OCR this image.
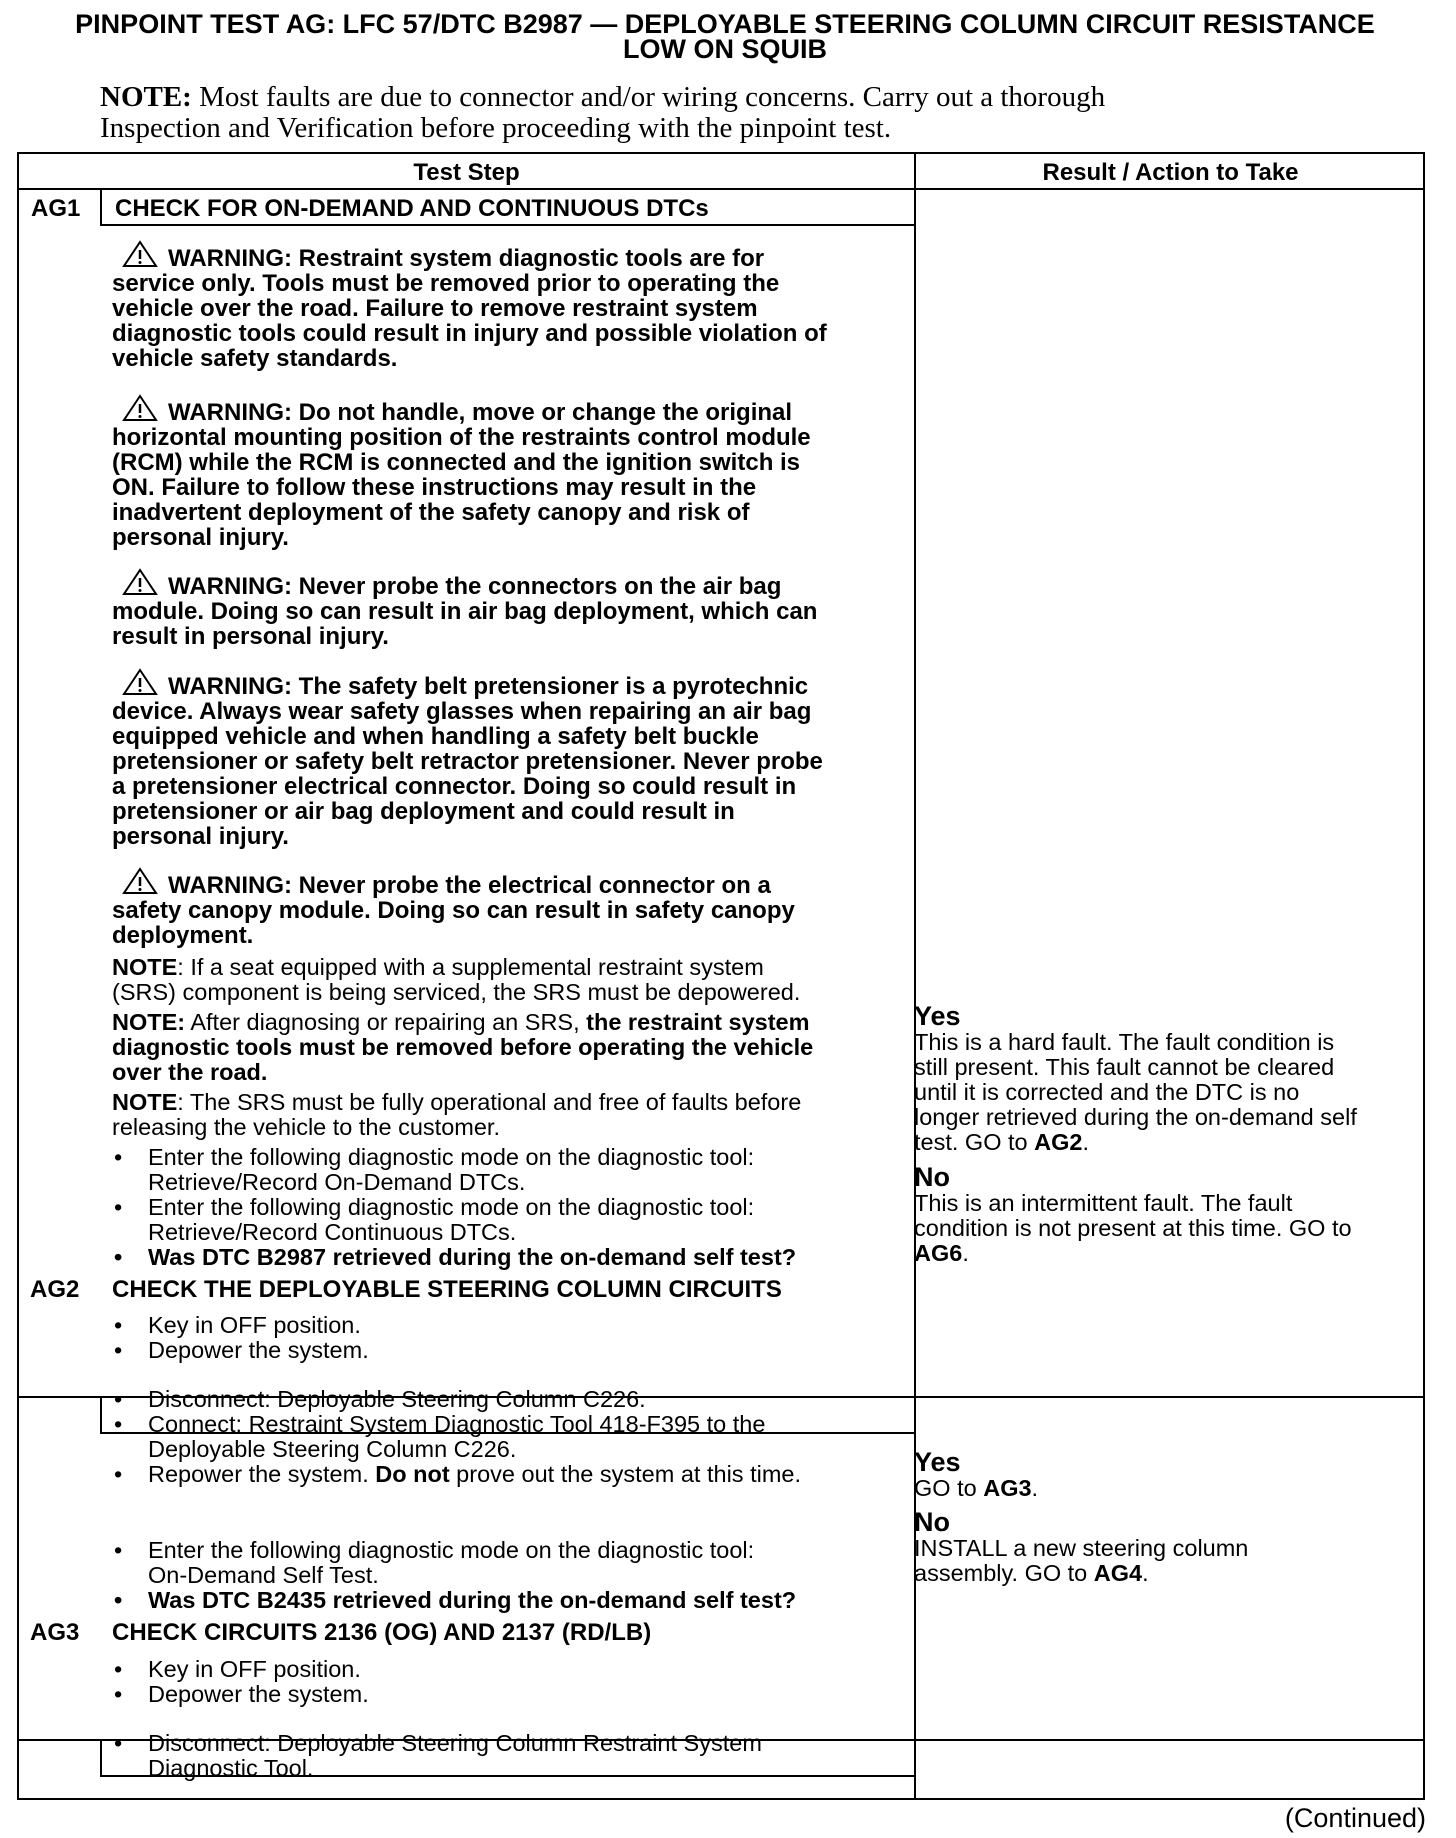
PINPOINT TEST AG: LFC 57/DTC B2987 — DEPLOYABLE STEERING COLUMN CIRCUIT RESISTANCE
LOW ON SQUIB
NOTE: Most faults are due to connector and/or wiring concerns. Carry out a thorough
Inspection and Verification before proceeding with the pinpoint test.
Test Step	Result / Action to Take
AG1 CHECK FOR ON-DEMAND AND CONTINUOUS DTCs
WARNING: Restraint system diagnostic tools are for
service only. Tools must be removed prior to operating the
vehicle over the road. Failure to remove restraint system
diagnostic tools could result in injury and possible violation of
vehicle safety standards.
WARNING: Do not handle, move or change the original
horizontal mounting position of the restraints control module
(RCM) while the RCM is connected and the ignition switch is
ON. Failure to follow these instructions may result in the
inadvertent deployment of the safety canopy and risk of
personal injury.
WARNING: Never probe the connectors on the air bag
module. Doing so can result in air bag deployment, which can
result in personal injury.
WARNING: The safety belt pretensioner is a pyrotechnic
device. Always wear safety glasses when repairing an air bag
equipped vehicle and when handling a safety belt buckle
pretensioner or safety belt retractor pretensioner. Never probe
a pretensioner electrical connector. Doing so could result in
pretensioner or air bag deployment and could result in
personal injury.
WARNING: Never probe the electrical connector on a
safety canopy module. Doing so can result in safety canopy
deployment.
NOTE: If a seat equipped with a supplemental restraint system
(SRS) component is being serviced, the SRS must be depowered.
NOTE: After diagnosing or repairing an SRS, the restraint system
diagnostic tools must be removed before operating the vehicle
over the road.
NOTE: The SRS must be fully operational and free of faults before
releasing the vehicle to the customer.
• Enter the following diagnostic mode on the diagnostic tool:
Retrieve/Record On-Demand DTCs.
• Enter the following diagnostic mode on the diagnostic tool:
Retrieve/Record Continuous DTCs.
• Was DTC B2987 retrieved during the on-demand self test?
Yes
This is a hard fault. The fault condition is
still present. This fault cannot be cleared
until it is corrected and the DTC is no
longer retrieved during the on-demand self
test. GO to AG2.
No
This is an intermittent fault. The fault
condition is not present at this time. GO to
AG6.
AG2 CHECK THE DEPLOYABLE STEERING COLUMN CIRCUITS
• Key in OFF position.
• Depower the system.
• Disconnect: Deployable Steering Column C226.
• Connect: Restraint System Diagnostic Tool 418-F395 to the
Deployable Steering Column C226.
• Repower the system. Do not prove out the system at this time.
• Enter the following diagnostic mode on the diagnostic tool:
On-Demand Self Test.
• Was DTC B2435 retrieved during the on-demand self test?
Yes
GO to AG3.
No
INSTALL a new steering column
assembly. GO to AG4.
AG3 CHECK CIRCUITS 2136 (OG) AND 2137 (RD/LB)
• Key in OFF position.
• Depower the system.
• Disconnect: Deployable Steering Column Restraint System
Diagnostic Tool.
(Continued)
